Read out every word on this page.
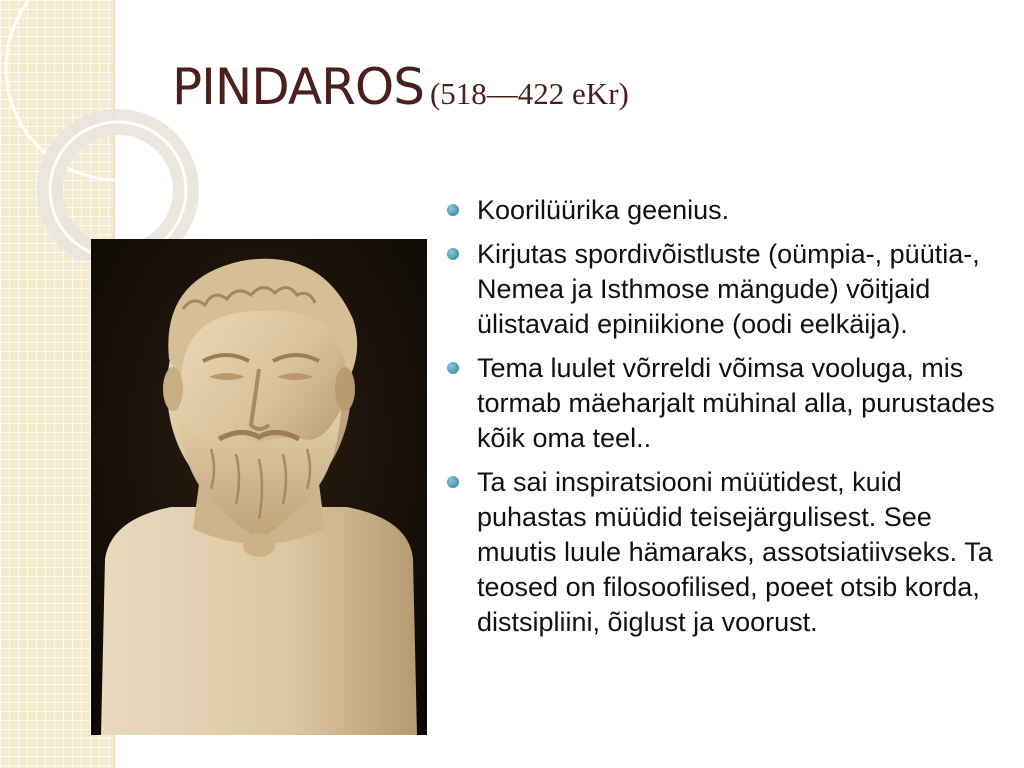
PINDAROS (518—422 eKr)
Koorilüürika geenius.
Kirjutas spordivõistluste (oümpia-, püütia-, Nemea ja Isthmose mängude) võitjaid ülistavaid epiniikione (oodi eelkäija).
Tema luulet võrreldi võimsa vooluga, mis tormab mäeharjalt mühinal alla, purustades kõik oma teel..
Ta sai inspiratsiooni müütidest, kuid puhastas müüdid teisejärgulisest. See muutis luule hämaraks, assotsiatiivseks. Ta teosed on filosoofilised, poeet otsib korda, distsipliini, õiglust ja voorust.
